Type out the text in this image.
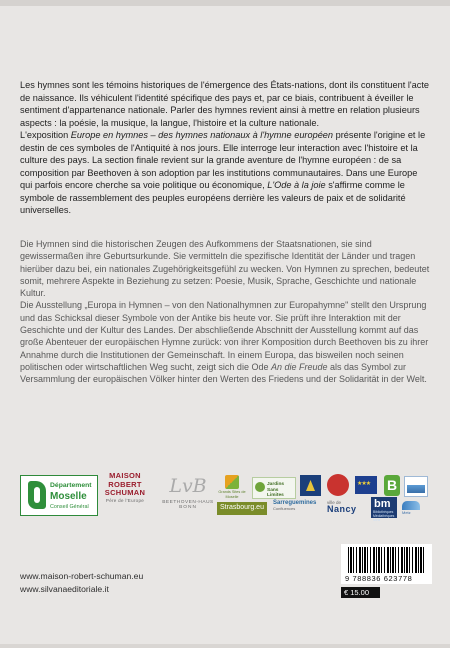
Les hymnes sont les témoins historiques de l'émergence des États-nations, dont ils constituent l'acte de naissance. Ils véhiculent l'identité spécifique des pays et, par ce biais, contribuent à éveiller le sentiment d'appartenance nationale. Parler des hymnes revient ainsi à mettre en relation plusieurs aspects : la poésie, la musique, la langue, l'histoire et la culture nationale.

L'exposition Europe en hymnes – des hymnes nationaux à l'hymne européen présente l'origine et le destin de ces symboles de l'Antiquité à nos jours. Elle interroge leur interaction avec l'histoire et la culture des pays. La section finale revient sur la grande aventure de l'hymne européen : de sa composition par Beethoven à son adoption par les institutions communautaires. Dans une Europe qui parfois encore cherche sa voie politique ou économique, L'Ode à la joie s'affirme comme le symbole de rassemblement des peuples européens derrière les valeurs de paix et de solidarité universelles.

Die Hymnen sind die historischen Zeugen des Aufkommens der Staatsnationen, sie sind gewissermaßen ihre Geburtsurkunde. Sie vermitteln die spezifische Identität der Länder und tragen hierüber dazu bei, ein nationales Zugehörigkeitsgefühl zu wecken. Von Hymnen zu sprechen, bedeutet somit, mehrere Aspekte in Beziehung zu setzen: Poesie, Musik, Sprache, Geschichte und nationale Kultur.

Die Ausstellung „Europa in Hymnen – von den Nationalhymnen zur Europahymne" stellt den Ursprung und das Schicksal dieser Symbole von der Antike bis heute vor. Sie prüft ihre Interaktion mit der Geschichte und der Kultur des Landes. Der abschließende Abschnitt der Ausstellung kommt auf das große Abenteuer der europäischen Hymne zurück: von ihrer Komposition durch Beethoven bis zu ihrer Annahme durch die Institutionen der Gemeinschaft. In einem Europa, das bisweilen noch seinen politischen oder wirtschaftlichen Weg sucht, zeigt sich die Ode An die Freude als das Symbol zur Versammlung der europäischen Völker hinter den Werten des Friedens und der Solidarität in der Welt.

Département
Moselle
Conseil Général
MAISON
ROBERT
SCHUMAN
Père de l'Europe
LvB
BEETHOVEN-HAUS
BONN
Grands Sites de Moselle
Jardins Sans Limites
★★★
B
Strasbourg.eu
Sarreguemines
Confluences
ville de
Nancy	bm
Bibliothèques Médiathèques Metz
Metz
www.maison-robert-schuman.eu
www.silvanaeditoriale.it
9 788836 623778
€ 15.00
